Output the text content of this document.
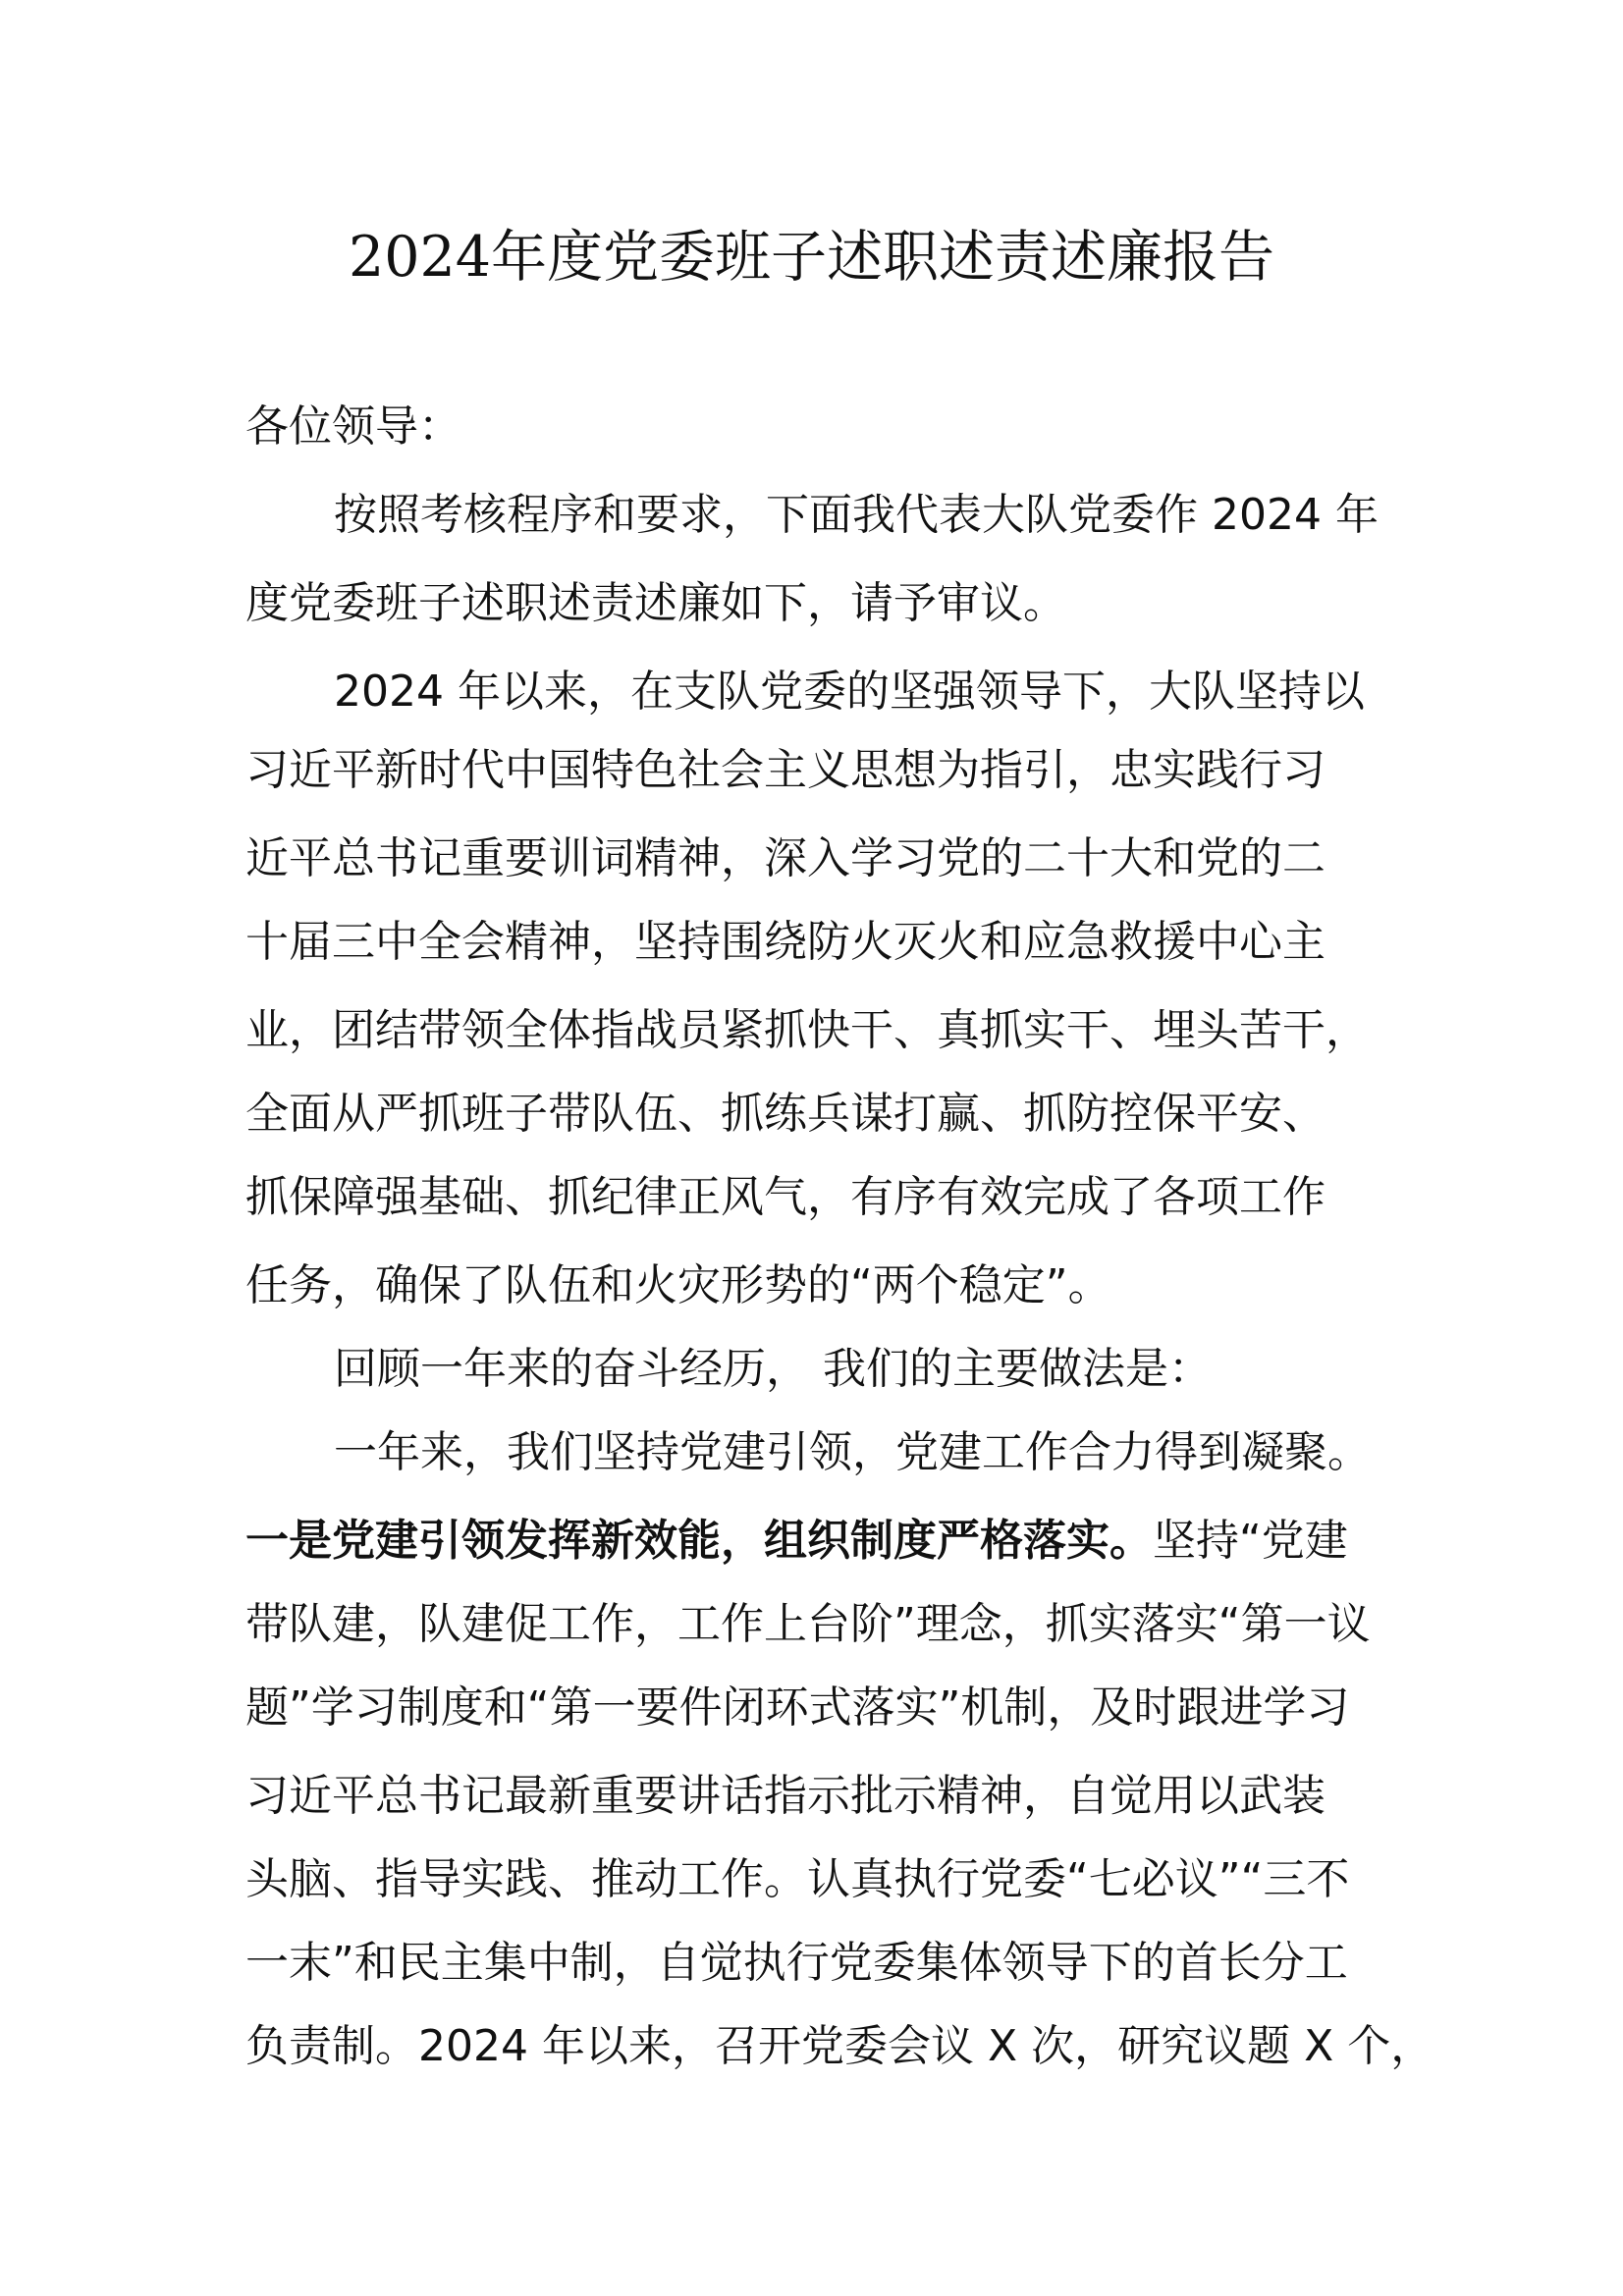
2024年度党委班子述职述责述廉报告
各位领导：
按照考核程序和要求，下面我代表大队党委作 2024 年
度党委班子述职述责述廉如下，请予审议。
2024 年以来，在支队党委的坚强领导下，大队坚持以
习近平新时代中国特色社会主义思想为指引，忠实践行习
近平总书记重要训词精神，深入学习党的二十大和党的二
十届三中全会精神，坚持围绕防火灭火和应急救援中心主
业，团结带领全体指战员紧抓快干、真抓实干、埋头苦干，
全面从严抓班子带队伍、抓练兵谋打赢、抓防控保平安、
抓保障强基础、抓纪律正风气，有序有效完成了各项工作
任务，确保了队伍和火灾形势的“两个稳定”。
回顾一年来的奋斗经历， 我们的主要做法是：
一年来，我们坚持党建引领，党建工作合力得到凝聚。
一是党建引领发挥新效能，组织制度严格落实。坚持“党建
带队建，队建促工作，工作上台阶”理念，抓实落实“第一议
题”学习制度和“第一要件闭环式落实”机制，及时跟进学习
习近平总书记最新重要讲话指示批示精神，自觉用以武装
头脑、指导实践、推动工作。认真执行党委“七必议”“三不
一末”和民主集中制，自觉执行党委集体领导下的首长分工
负责制。2024 年以来，召开党委会议 X 次，研究议题 X 个，
